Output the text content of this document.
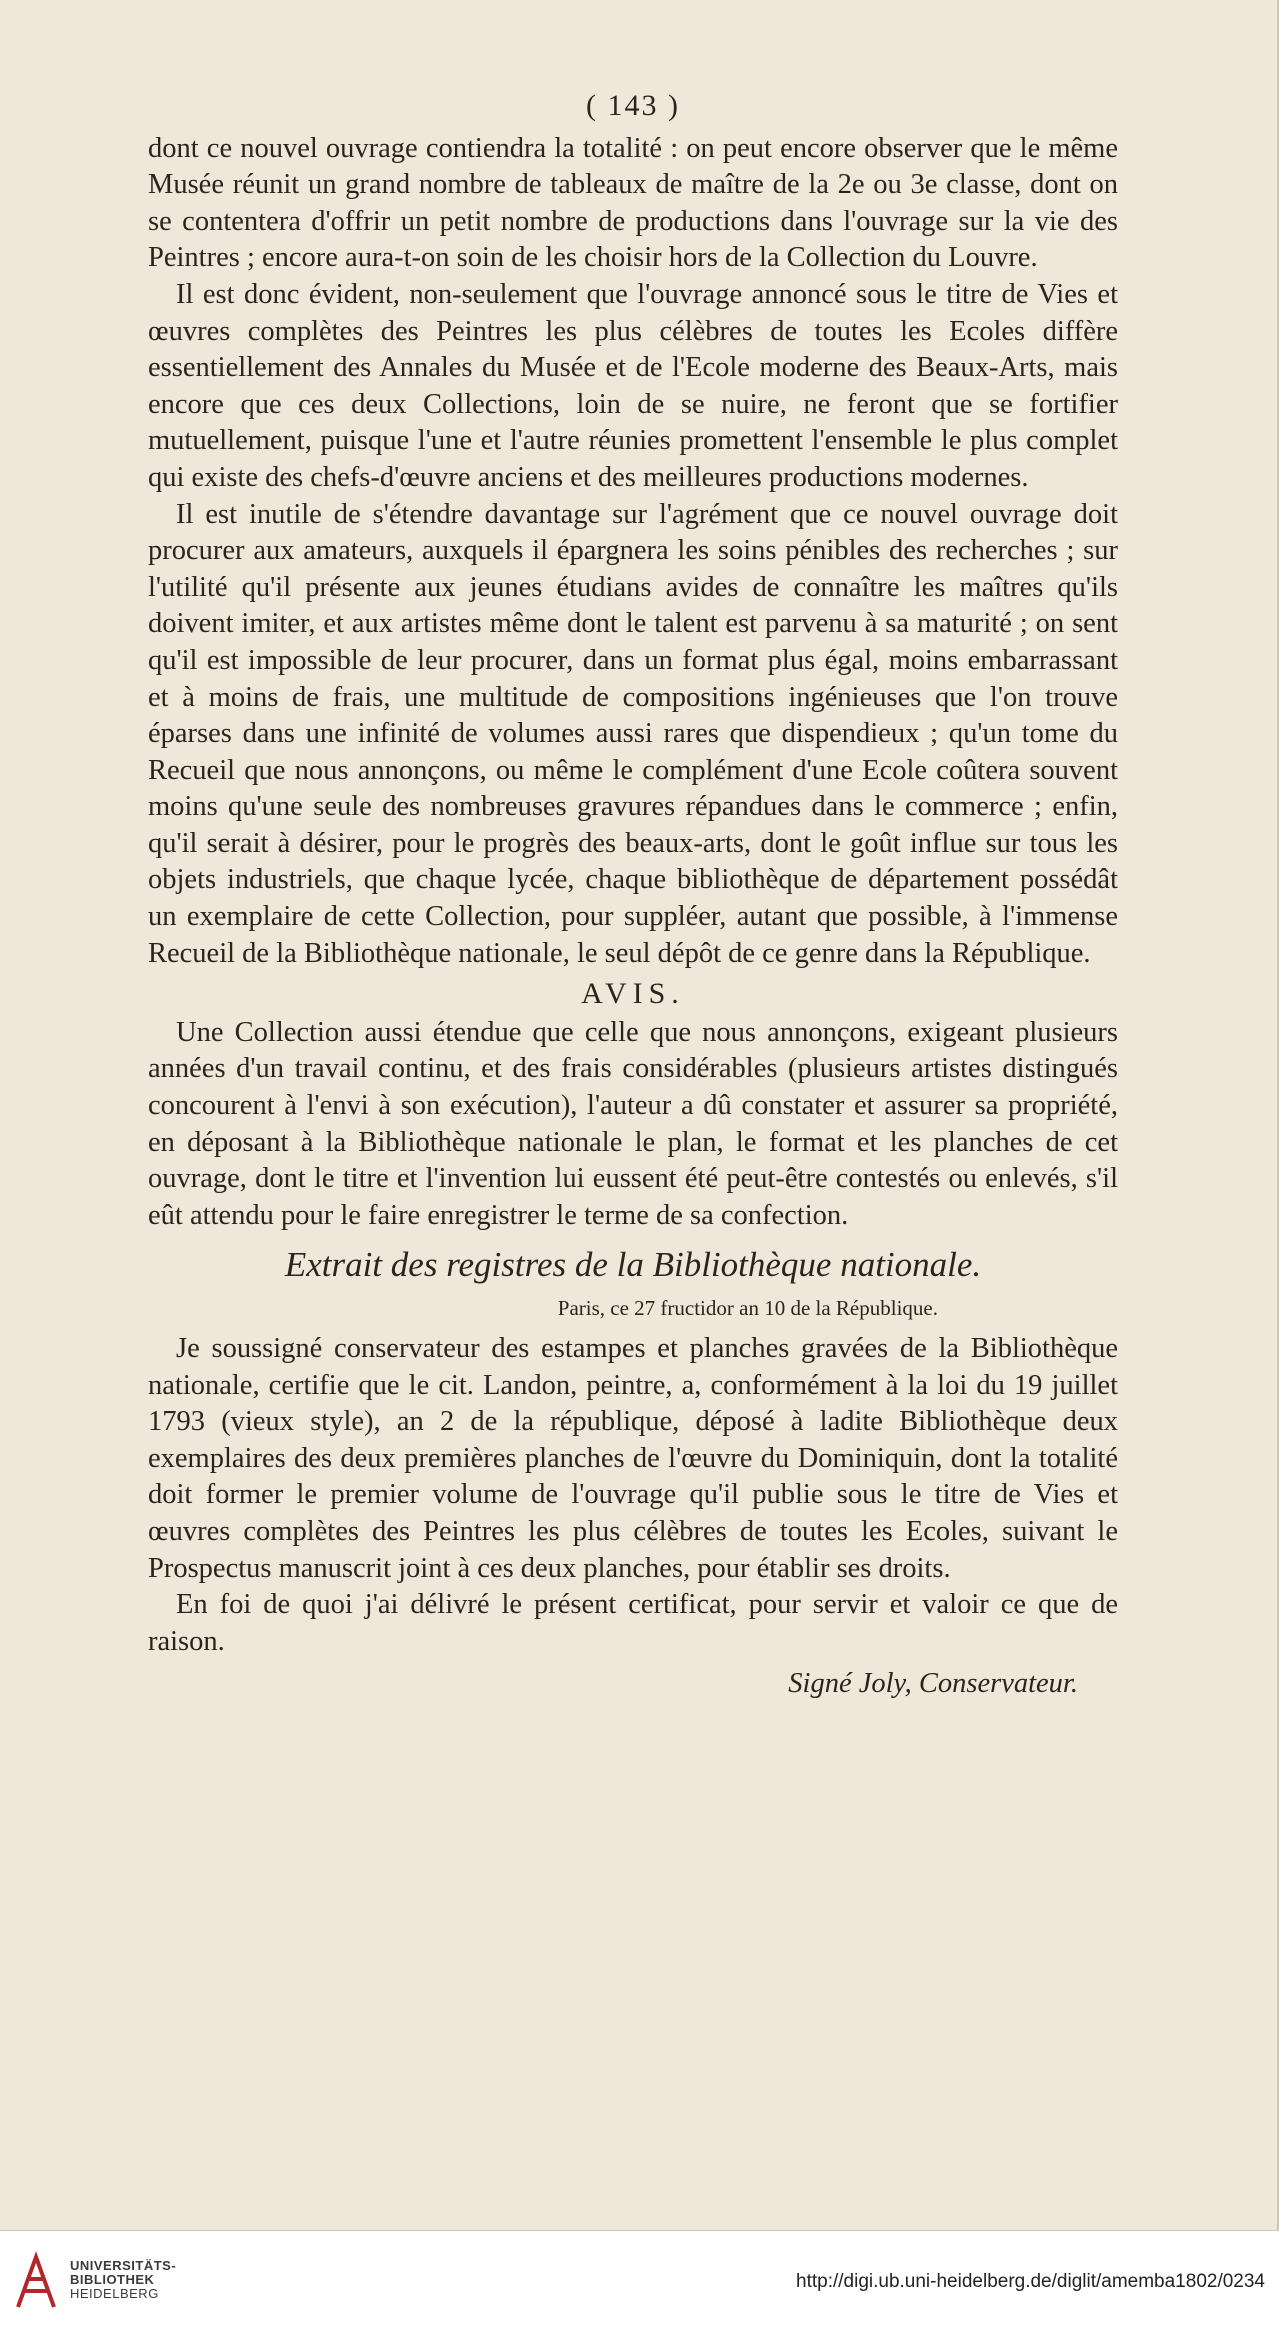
( 143 )

dont ce nouvel ouvrage contiendra la totalité : on peut encore observer que le même Musée réunit un grand nombre de tableaux de maître de la 2e ou 3e classe, dont on se contentera d'offrir un petit nombre de productions dans l'ouvrage sur la vie des Peintres ; encore aura-t-on soin de les choisir hors de la Collection du Louvre.

Il est donc évident, non-seulement que l'ouvrage annoncé sous le titre de Vies et œuvres complètes des Peintres les plus célèbres de toutes les Ecoles diffère essentiellement des Annales du Musée et de l'Ecole moderne des Beaux-Arts, mais encore que ces deux Collections, loin de se nuire, ne feront que se fortifier mutuellement, puisque l'une et l'autre réunies promettent l'ensemble le plus complet qui existe des chefs-d'œuvre anciens et des meilleures productions modernes.

Il est inutile de s'étendre davantage sur l'agrément que ce nouvel ouvrage doit procurer aux amateurs, auxquels il épargnera les soins pénibles des recherches ; sur l'utilité qu'il présente aux jeunes étudians avides de connaître les maîtres qu'ils doivent imiter, et aux artistes même dont le talent est parvenu à sa maturité ; on sent qu'il est impossible de leur procurer, dans un format plus égal, moins embarrassant et à moins de frais, une multitude de compositions ingénieuses que l'on trouve éparses dans une infinité de volumes aussi rares que dispendieux ; qu'un tome du Recueil que nous annonçons, ou même le complément d'une Ecole coûtera souvent moins qu'une seule des nombreuses gravures répandues dans le commerce ; enfin, qu'il serait à désirer, pour le progrès des beaux-arts, dont le goût influe sur tous les objets industriels, que chaque lycée, chaque bibliothèque de département possédât un exemplaire de cette Collection, pour suppléer, autant que possible, à l'immense Recueil de la Bibliothèque nationale, le seul dépôt de ce genre dans la République.

AVIS.

Une Collection aussi étendue que celle que nous annonçons, exigeant plusieurs années d'un travail continu, et des frais considérables (plusieurs artistes distingués concourent à l'envi à son exécution), l'auteur a dû constater et assurer sa propriété, en déposant à la Bibliothèque nationale le plan, le format et les planches de cet ouvrage, dont le titre et l'invention lui eussent été peut-être contestés ou enlevés, s'il eût attendu pour le faire enregistrer le terme de sa confection.

Extrait des registres de la Bibliothèque nationale.
Paris, ce 27 fructidor an 10 de la République.

Je soussigné conservateur des estampes et planches gravées de la Bibliothèque nationale, certifie que le cit. Landon, peintre, a, conformément à la loi du 19 juillet 1793 (vieux style), an 2 de la république, déposé à ladite Bibliothèque deux exemplaires des deux premières planches de l'œuvre du Dominiquin, dont la totalité doit former le premier volume de l'ouvrage qu'il publie sous le titre de Vies et œuvres complètes des Peintres les plus célèbres de toutes les Ecoles, suivant le Prospectus manuscrit joint à ces deux planches, pour établir ses droits.

En foi de quoi j'ai délivré le présent certificat, pour servir et valoir ce que de raison.

Signé Joly, Conservateur.
UNIVERSITÄTS-
BIBLIOTHEK
HEIDELBERG
http://digi.ub.uni-heidelberg.de/diglit/amemba1802/0234
